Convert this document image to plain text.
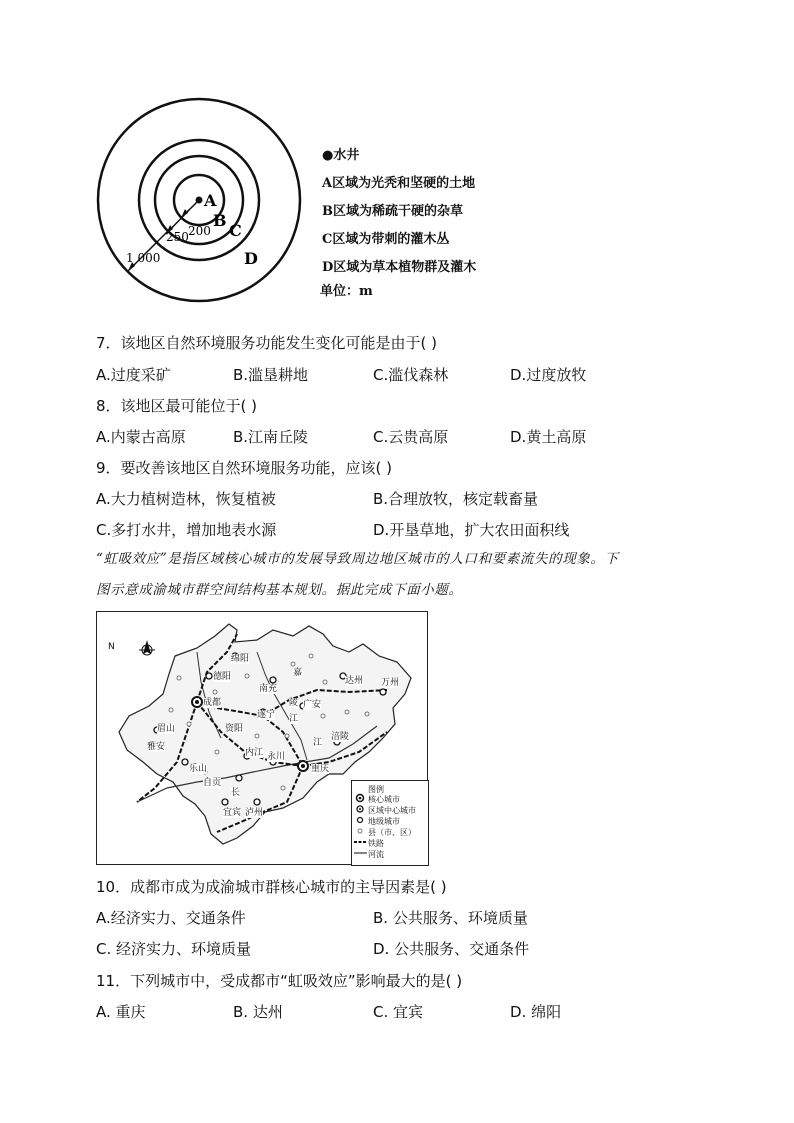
A
B
C
D
200
250
1 000
●水井
A区域为光秃和坚硬的土地
B区域为稀疏干硬的杂草
C区域为带刺的灌木丛
D区域为草本植物群及灌木
单位：m
7．该地区自然环境服务功能发生变化可能是由于( )
A.过度采矿	B.滥垦耕地	C.滥伐森林	D.过度放牧
8．该地区最可能位于( )
A.内蒙古高原	B.江南丘陵	C.云贵高原	D.黄土高原
9．要改善该地区自然环境服务功能，应该( )
A.大力植树造林，恢复植被	B.合理放牧，核定载畜量
C.多打水井，增加地表水源	D.开垦草地，扩大农田面积线
“虹吸效应”是指区域核心城市的发展导致周边地区城市的人口和要素流失的现象。下
图示意成渝城市群空间结构基本规划。据此完成下面小题。
N
绵阳
德阳
成都
眉山
雅安
乐山
资阳
内江
自贡
宜宾 泸州
南充
遂宁
广安
达州 万州
涪陵
重庆
永川
嘉
陵
江
江
长	图例
核心城市
区域中心城市
地级城市
县（市、区）
铁路
河流
10．成都市成为成渝城市群核心城市的主导因素是( )
A.经济实力、交通条件	B. 公共服务、环境质量
C. 经济实力、环境质量	D. 公共服务、交通条件
11．下列城市中，受成都市“虹吸效应”影响最大的是( )
A. 重庆	B. 达州	C. 宜宾	D. 绵阳
